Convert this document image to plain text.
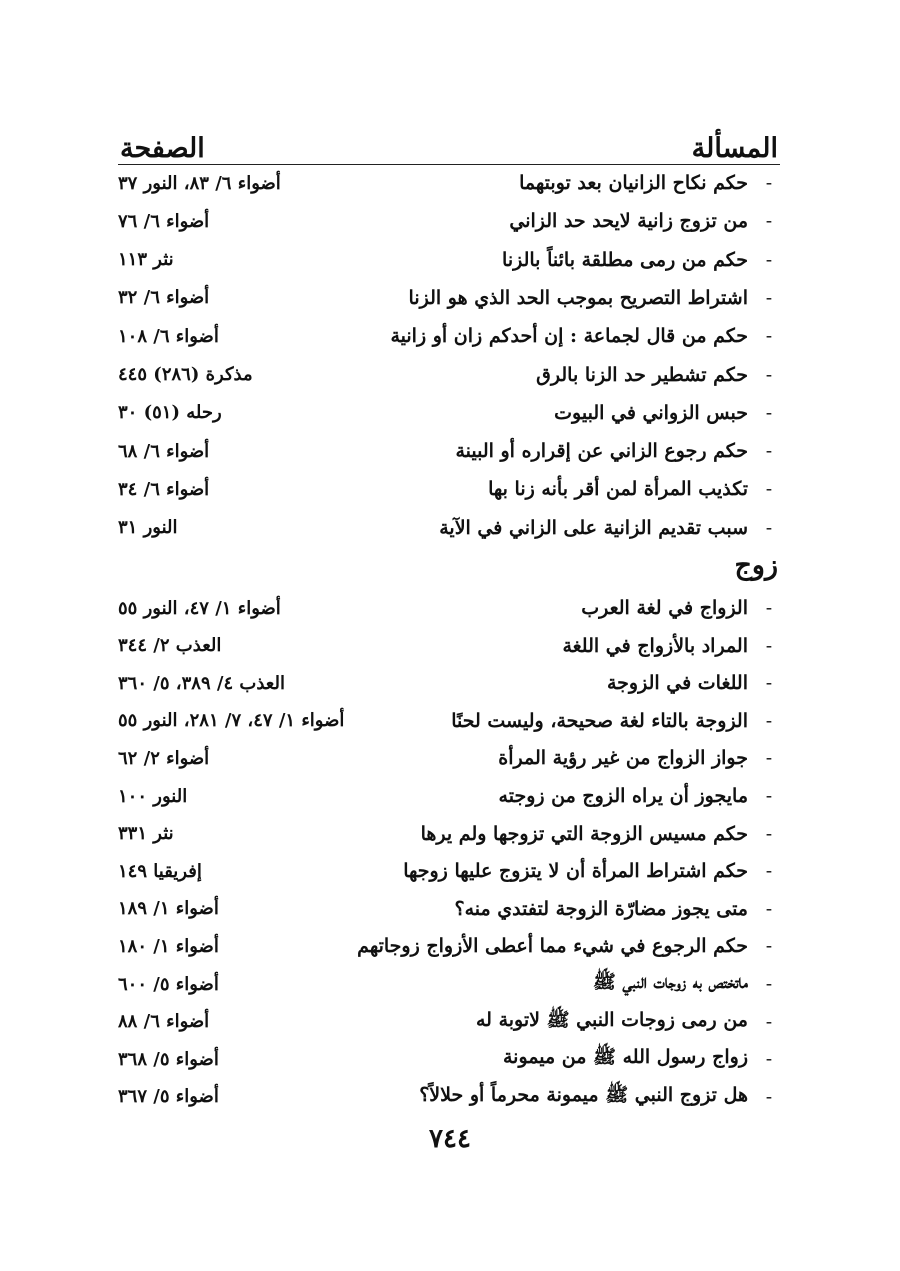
المسألة
الصفحة
-
حكم نكاح الزانيان بعد توبتهما
أضواء ٦/ ٨٣، النور ٣٧
-
من تزوج زانية لايحد حد الزاني
أضواء ٦/ ٧٦
-
حكم من رمى مطلقة بائناً بالزنا
نثر ١١٣
-
اشتراط التصريح بموجب الحد الذي هو الزنا
أضواء ٦/ ٣٢
-
حكم من قال لجماعة : إن أحدكم زان أو زانية
أضواء ٦/ ١٠٨
-
حكم تشطير حد الزنا بالرق
مذكرة (٢٨٦) ٤٤٥
-
حبس الزواني في البيوت
رحله (٥١) ٣٠
-
حكم رجوع الزاني عن إقراره أو البينة
أضواء ٦/ ٦٨
-
تكذيب المرأة لمن أقر بأنه زنا بها
أضواء ٦/ ٣٤
-
سبب تقديم الزانية على الزاني في الآية
النور ٣١
زوج
-
الزواج في لغة العرب
أضواء ١/ ٤٧، النور ٥٥
-
المراد بالأزواج في اللغة
العذب ٢/ ٣٤٤
-
اللغات في الزوجة
العذب ٤/ ٣٨٩، ٥/ ٣٦٠
-
الزوجة بالتاء لغة صحيحة، وليست لحنًا
أضواء ١/ ٤٧، ٧/ ٢٨١، النور ٥٥
-
جواز الزواج من غير رؤية المرأة
أضواء ٢/ ٦٢
-
مايجوز أن يراه الزوج من زوجته
النور ١٠٠
-
حكم مسيس الزوجة التي تزوجها ولم يرها
نثر ٣٣١
-
حكم اشتراط المرأة أن لا يتزوج عليها زوجها
إفريقيا ١٤٩
-
متى يجوز مضارّة الزوجة لتفتدي منه؟
أضواء ١/ ١٨٩
-
حكم الرجوع في شيء مما أعطى الأزواج زوجاتهم
أضواء ١/ ١٨٠
-
ماتختص به زوجات النبي ﷺ
أضواء ٥/ ٦٠٠
-
من رمى زوجات النبي ﷺ لاتوبة له
أضواء ٦/ ٨٨
-
زواج رسول الله ﷺ من ميمونة
أضواء ٥/ ٣٦٨
-
هل تزوج النبي ﷺ ميمونة محرماً أو حلالاً؟
أضواء ٥/ ٣٦٧
٧٤٤
